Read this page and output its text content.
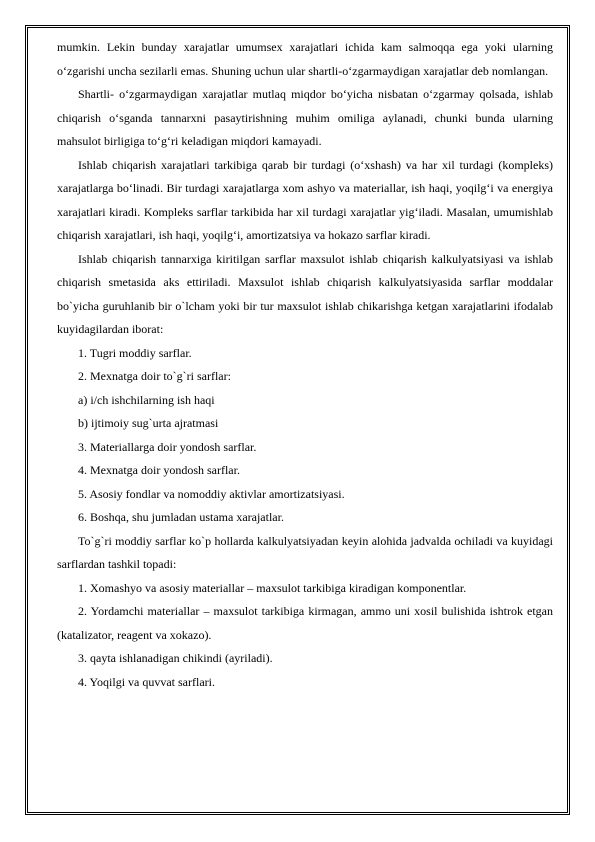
mumkin. Lekin bunday xarajatlar umumsex xarajatlari ichida kam salmoqqa ega yoki ularning oʻzgarishi uncha sezilarli emas. Shuning uchun ular shartli-oʻzgarmaydigan xarajatlar deb nomlangan.

Shartli- oʻzgarmaydigan xarajatlar mutlaq miqdor boʻyicha nisbatan oʻzgarmay qolsada, ishlab chiqarish oʻsganda tannarxni pasaytirishning muhim omiliga aylanadi, chunki bunda ularning mahsulot birligiga toʻgʻri keladigan miqdori kamayadi.

Ishlab chiqarish xarajatlari tarkibiga qarab bir turdagi (oʻxshash) va har xil turdagi (kompleks) xarajatlarga boʻlinadi. Bir turdagi xarajatlarga xom ashyo va materiallar, ish haqi, yoqilgʻi va energiya xarajatlari kiradi. Kompleks sarflar tarkibida har xil turdagi xarajatlar yigʻiladi. Masalan, umumishlab chiqarish xarajatlari, ish haqi, yoqilgʻi, amortizatsiya va hokazo sarflar kiradi.

Ishlab chiqarish tannarxiga kiritilgan sarflar maxsulot ishlab chiqarish kalkulyatsiyasi va ishlab chiqarish smetasida aks ettiriladi. Maxsulot ishlab chiqarish kalkulyatsiyasida sarflar moddalar bo`yicha guruhlanib bir o`lcham yoki bir tur maxsulot ishlab chikarishga ketgan xarajatlarini ifodalab kuyidagilardan iborat:

1. Tugri moddiy sarflar.

2. Mexnatga doir to`g`ri sarflar:

a) i/ch ishchilarning ish haqi

b) ijtimoiy sug`urta ajratmasi

3. Materiallarga doir yondosh sarflar.

4. Mexnatga doir yondosh sarflar.

5. Asosiy fondlar va nomoddiy aktivlar amortizatsiyasi.

6. Boshqa, shu jumladan ustama xarajatlar.

To`g`ri moddiy sarflar ko`p hollarda kalkulyatsiyadan keyin alohida jadvalda ochiladi va kuyidagi sarflardan tashkil topadi:

1. Xomashyo va asosiy materiallar – maxsulot tarkibiga kiradigan komponentlar.

2. Yordamchi materiallar – maxsulot tarkibiga kirmagan, ammo uni xosil bulishida ishtrok etgan (katalizator, reagent va xokazo).

3. qayta ishlanadigan chikindi (ayriladi).

4. Yoqilgi va quvvat sarflari.
